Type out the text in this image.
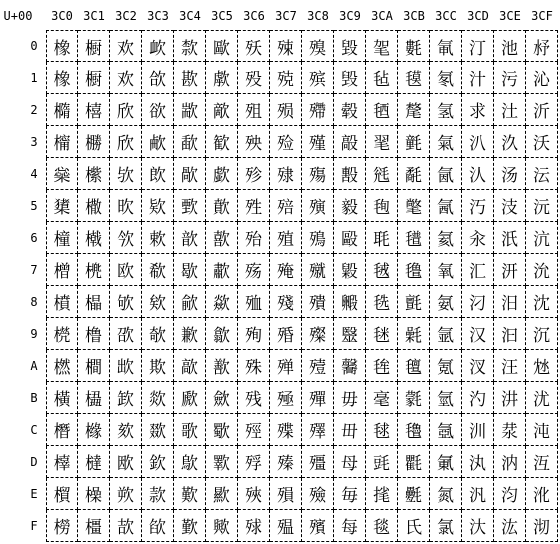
U+00	3C0 3C1 3C2 3C3 3C4 3C5 3C6 3C7 3C8 3C9 3CA 3CB 3CC 3CD 3CE 3CF
0
1
2
3
4
5
6
7
8
9
A
B
C
D
E
F
橡 橱 欢 欰 歀 歐 殀 殐 殠 毀 毠 氀 氠 汀 池 沀
橡 橱 欢 欱 歁 歑 殁 殑 殡 毁 毡 氁 氡 汁 污 沁
橢 橲 欣 欲 歂 歒 殂 殒 殢 毂 毢 氂 氢 求 汢 沂
橣 橳 欣 欳 歃 歓 殃 殓 殣 毃 毣 氃 氣 汃 汣 沃
橤 橴 欤 欴 歄 歔 殄 殔 殤 毄 毤 氄 氤 汄 汤 沄
橥 橵 欥 欵 歅 歕 殅 殕 殥 毅 毥 氅 氥 汅 汥 沅
橦 橶 欦 欶 歆 歖 殆 殖 殦 毆 毦 氆 氦 汆 汦 沆
橧 橷 欧 欷 歇 歗 殇 殗 殧 毇 毧 氇 氧 汇 汧 沇
橨 橸 欨 欸 歈 歘 殈 殘 殨 毈 毨 氈 氨 汈 汨 沈
橩 橹 欩 欹 歉 歙 殉 殙 殩 毉 毩 氉 氩 汉 汩 沉
橪 橺 欪 欺 歊 歚 殊 殚 殪 毊 毪 氊 氪 汊 汪 沊
橫 橻 欫 欻 歋 歛 残 殛 殫 毋 毫 氋 氫 汋 汫 沋
橬 橼 欬 欼 歌 歜 殌 殜 殬 毌 毬 氌 氬 汌 汬 沌
橭 橽 欭 欽 歍 歝 殍 殝 殭 母 毭 氍 氭 汍 汭 沍
橮 橾 欮 款 歎 歞 殎 殞 殮 毎 毮 氎 氮 汎 汮 沎
橯 橿 欯 欿 歏 歟 殏 殟 殯 每 毯 氏 氯 汏 汯 沏
